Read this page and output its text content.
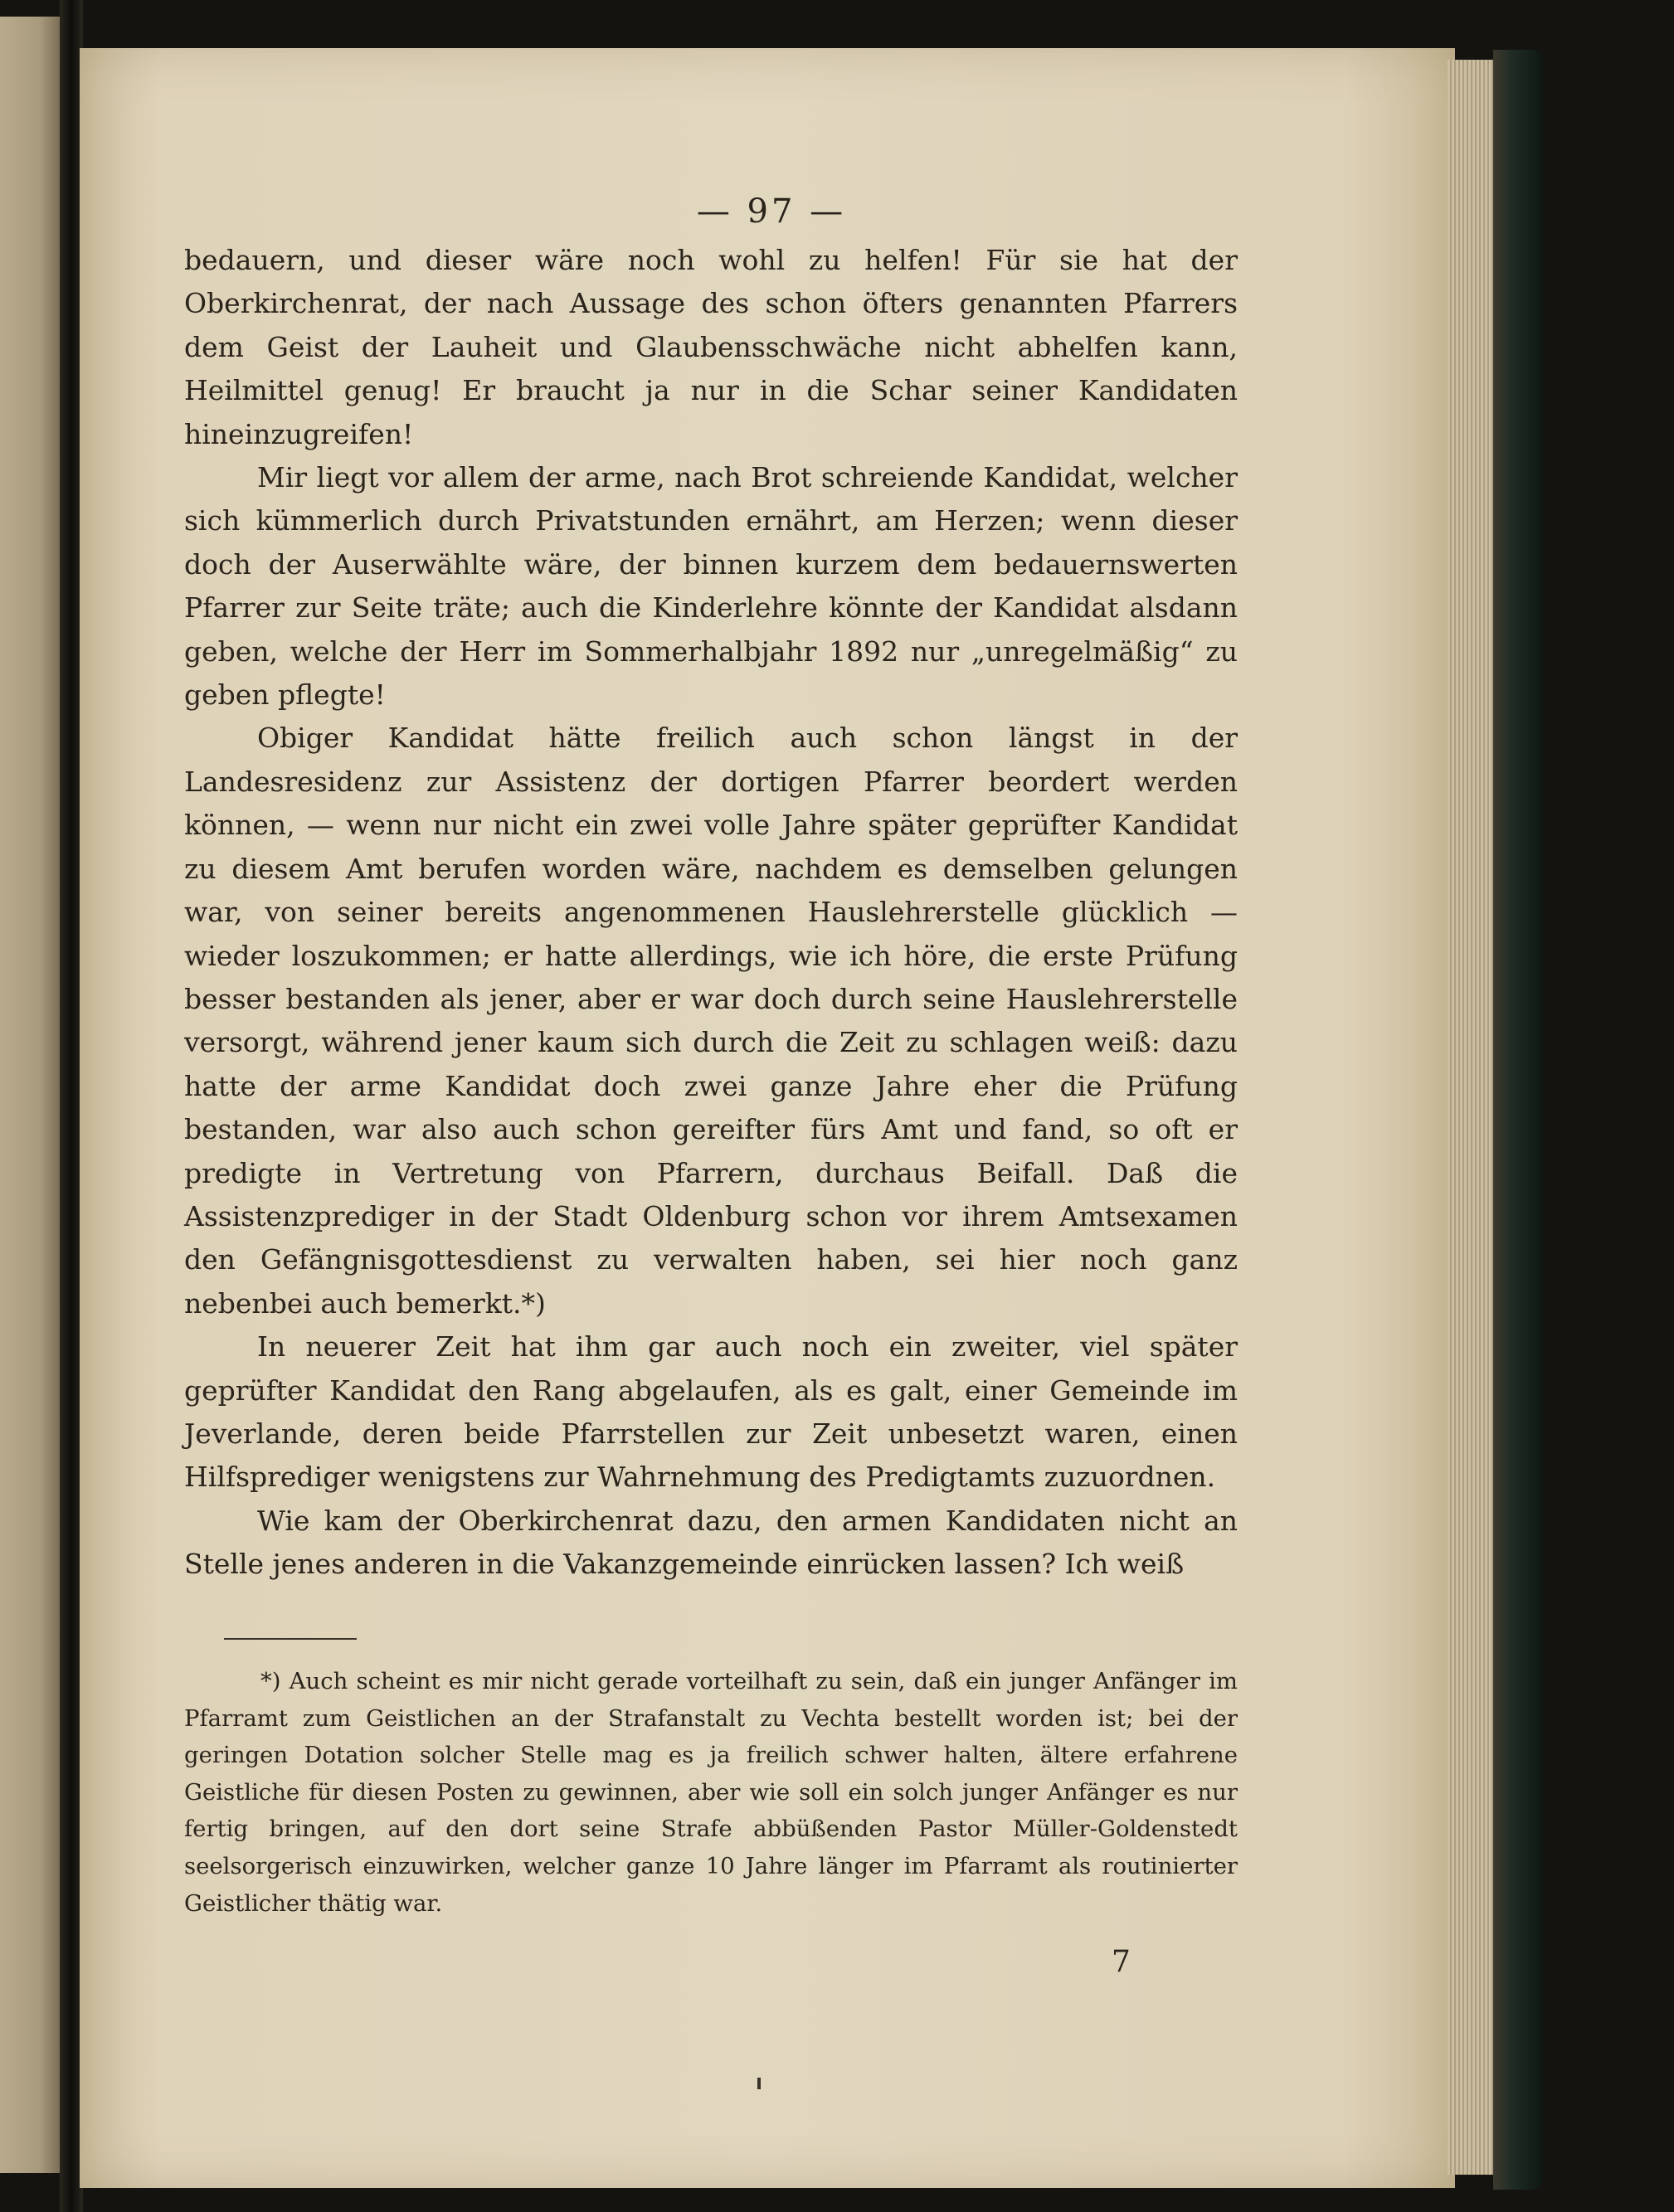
— 97 —

bedauern, und dieser wäre noch wohl zu helfen! Für sie hat der Oberkirchenrat, der nach Aussage des schon öfters genannten Pfarrers dem Geist der Lauheit und Glaubensschwäche nicht abhelfen kann, Heilmittel genug! Er braucht ja nur in die Schar seiner Kandidaten hineinzugreifen!

Mir liegt vor allem der arme, nach Brot schreiende Kandidat, welcher sich kümmerlich durch Privatstunden ernährt, am Herzen; wenn dieser doch der Auserwählte wäre, der binnen kurzem dem bedauernswerten Pfarrer zur Seite träte; auch die Kinderlehre könnte der Kandidat alsdann geben, welche der Herr im Sommerhalbjahr 1892 nur „unregelmäßig“ zu geben pflegte!

Obiger Kandidat hätte freilich auch schon längst in der Landesresidenz zur Assistenz der dortigen Pfarrer beordert werden können, — wenn nur nicht ein zwei volle Jahre später geprüfter Kandidat zu diesem Amt berufen worden wäre, nachdem es demselben gelungen war, von seiner bereits angenommenen Hauslehrerstelle glücklich — wieder loszukommen; er hatte allerdings, wie ich höre, die erste Prüfung besser bestanden als jener, aber er war doch durch seine Hauslehrerstelle versorgt, während jener kaum sich durch die Zeit zu schlagen weiß: dazu hatte der arme Kandidat doch zwei ganze Jahre eher die Prüfung bestanden, war also auch schon gereifter fürs Amt und fand, so oft er predigte in Vertretung von Pfarrern, durchaus Beifall. Daß die Assistenzprediger in der Stadt Oldenburg schon vor ihrem Amtsexamen den Gefängnisgottesdienst zu verwalten haben, sei hier noch ganz nebenbei auch bemerkt.*)

In neuerer Zeit hat ihm gar auch noch ein zweiter, viel später geprüfter Kandidat den Rang abgelaufen, als es galt, einer Gemeinde im Jeverlande, deren beide Pfarrstellen zur Zeit unbesetzt waren, einen Hilfsprediger wenigstens zur Wahrnehmung des Predigtamts zuzuordnen.

Wie kam der Oberkirchenrat dazu, den armen Kandidaten nicht an Stelle jenes anderen in die Vakanzgemeinde einrücken lassen? Ich weiß

*) Auch scheint es mir nicht gerade vorteilhaft zu sein, daß ein junger Anfänger im Pfarramt zum Geistlichen an der Strafanstalt zu Vechta bestellt worden ist; bei der geringen Dotation solcher Stelle mag es ja freilich schwer halten, ältere erfahrene Geistliche für diesen Posten zu gewinnen, aber wie soll ein solch junger Anfänger es nur fertig bringen, auf den dort seine Strafe abbüßenden Pastor Müller-Goldenstedt seelsorgerisch einzuwirken, welcher ganze 10 Jahre länger im Pfarramt als routinierter Geistlicher thätig war.

7
